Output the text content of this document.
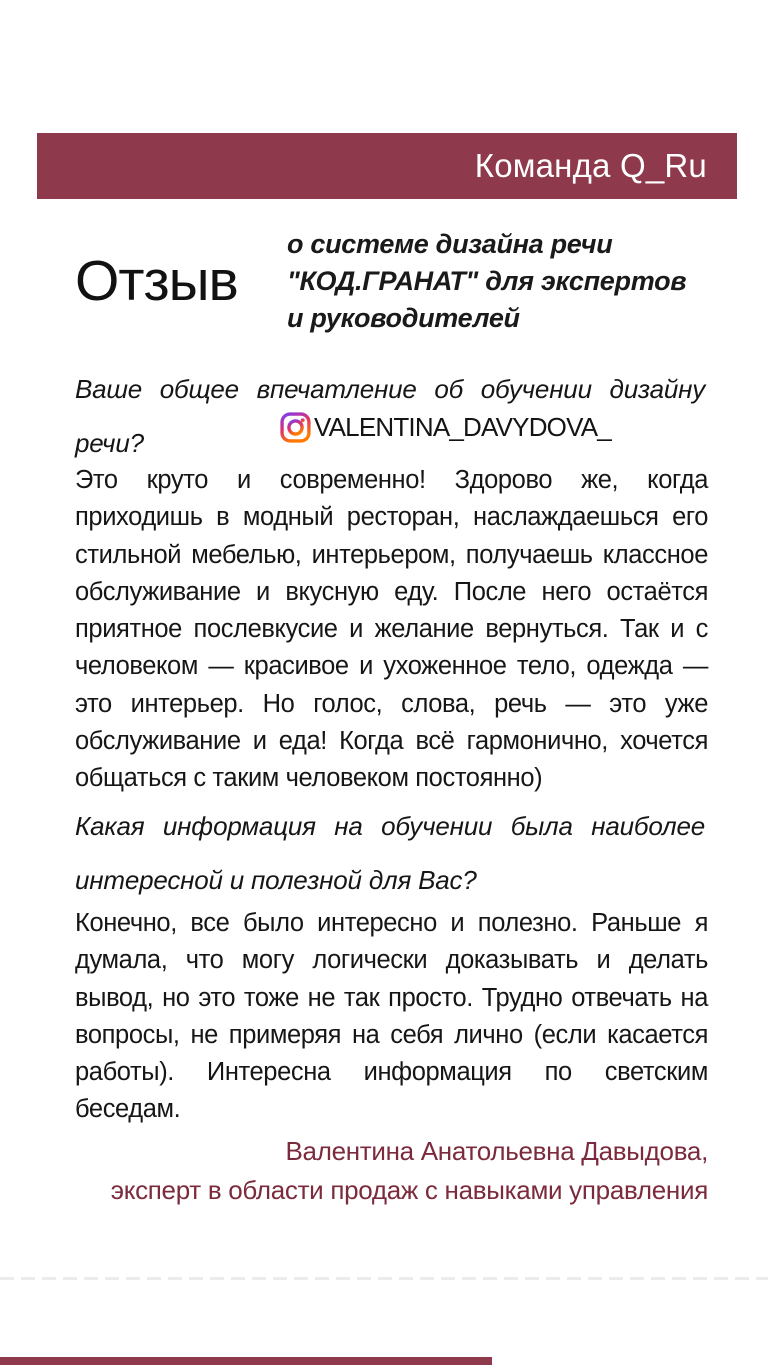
Команда Q_Ru
Отзыв
о системе дизайна речи
"КОД.ГРАНАТ" для экспертов
и руководителей
Ваше общее впечатление об обучении дизайну речи?
VALENTINA_DAVYDOVA_
Это круто и современно! Здорово же, когда приходишь в модный ресторан, наслаждаешься его стильной мебелью, интерьером, получаешь классное обслуживание и вкусную еду. После него остаётся приятное послевкусие и желание вернуться. Так и с человеком — красивое и ухоженное тело, одежда — это интерьер. Но голос, слова, речь — это уже обслуживание и еда! Когда всё гармонично, хочется общаться с таким человеком постоянно)
Какая информация на обучении была наиболее интересной и полезной для Вас?
Конечно, все было интересно и полезно. Раньше я думала, что могу логически доказывать и делать вывод, но это тоже не так просто. Трудно отвечать на вопросы, не примеряя на себя лично (если касается работы). Интересна информация по светским беседам.
Валентина Анатольевна Давыдова,
эксперт в области продаж с навыками управления
